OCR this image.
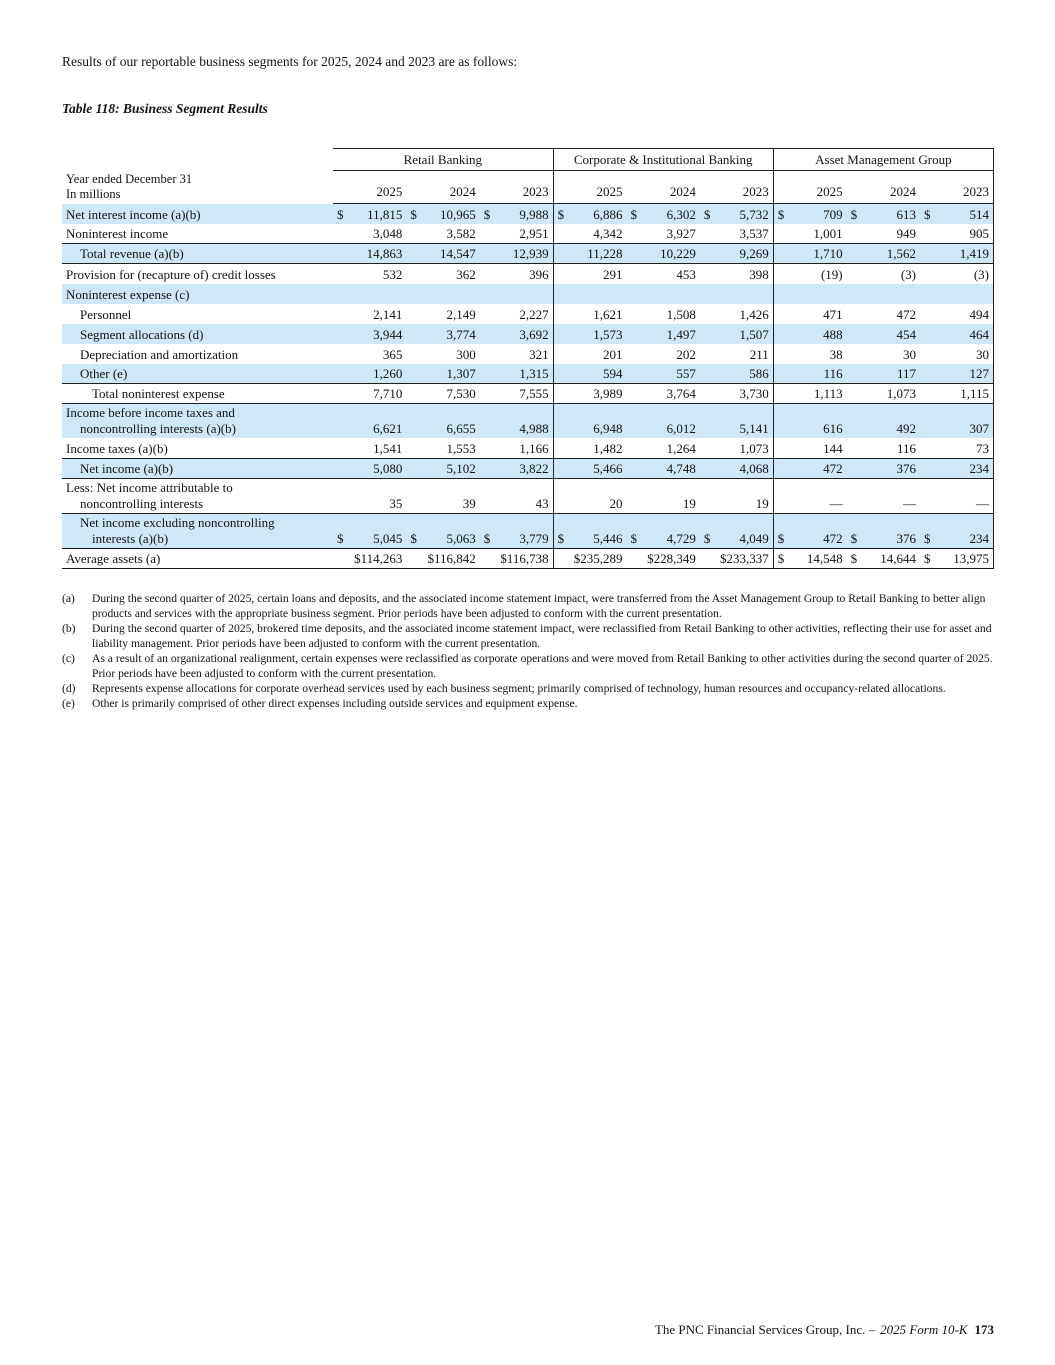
Results of our reportable business segments for 2025, 2024 and 2023 are as follows:

Table 118: Business Segment Results

	Retail Banking			Corporate & Institutional Banking			Asset Management Group		

Year ended December 31
In millions	2025	2024	2023	2025	2024	2023	2025	2024	2023

Net interest income (a)(b)	$ 11,815	$ 10,965	$ 9,988	$ 6,886	$ 6,302	$ 5,732	$ 709	$ 613	$ 514

Noninterest income	3,048	3,582	2,951	4,342	3,927	3,537	1,001	949	905

Total revenue (a)(b)	14,863	14,547	12,939	11,228	10,229	9,269	1,710	1,562	1,419

Provision for (recapture of) credit losses	532	362	396	291	453	398	(19)	(3)	(3)

Noninterest expense (c)									

Personnel	2,141	2,149	2,227	1,621	1,508	1,426	471	472	494

Segment allocations (d)	3,944	3,774	3,692	1,573	1,497	1,507	488	454	464

Depreciation and amortization	365	300	321	201	202	211	38	30	30

Other (e)	1,260	1,307	1,315	594	557	586	116	117	127

Total noninterest expense	7,710	7,530	7,555	3,989	3,764	3,730	1,113	1,073	1,115

Income before income taxes and
noncontrolling interests (a)(b)	6,621	6,655	4,988	6,948	6,012	5,141	616	492	307

Income taxes (a)(b)	1,541	1,553	1,166	1,482	1,264	1,073	144	116	73

Net income (a)(b)	5,080	5,102	3,822	5,466	4,748	4,068	472	376	234

Less: Net income attributable to
noncontrolling interests	35	39	43	20	19	19	—	—	—

Net income excluding noncontrolling
interests (a)(b)	$ 5,045	$ 5,063	$ 3,779	$ 5,446	$ 4,729	$ 4,049	$ 472	$ 376	$ 234

Average assets (a)	$114,263	$116,842	$116,738	$235,289	$228,349	$233,337	$ 14,548	$ 14,644	$ 13,975
(a)	During the second quarter of 2025, certain loans and deposits, and the associated income statement impact, were transferred from the Asset Management Group to Retail Banking to better align products and services with the appropriate business segment. Prior periods have been adjusted to conform with the current presentation.
(b)	During the second quarter of 2025, brokered time deposits, and the associated income statement impact, were reclassified from Retail Banking to other activities, reflecting their use for asset and liability management. Prior periods have been adjusted to conform with the current presentation.
(c)	As a result of an organizational realignment, certain expenses were reclassified as corporate operations and were moved from Retail Banking to other activities during the second quarter of 2025. Prior periods have been adjusted to conform with the current presentation.
(d)	Represents expense allocations for corporate overhead services used by each business segment; primarily comprised of technology, human resources and occupancy-related allocations.
(e)	Other is primarily comprised of other direct expenses including outside services and equipment expense.
The PNC Financial Services Group, Inc. – 2025 Form 10-K 173
